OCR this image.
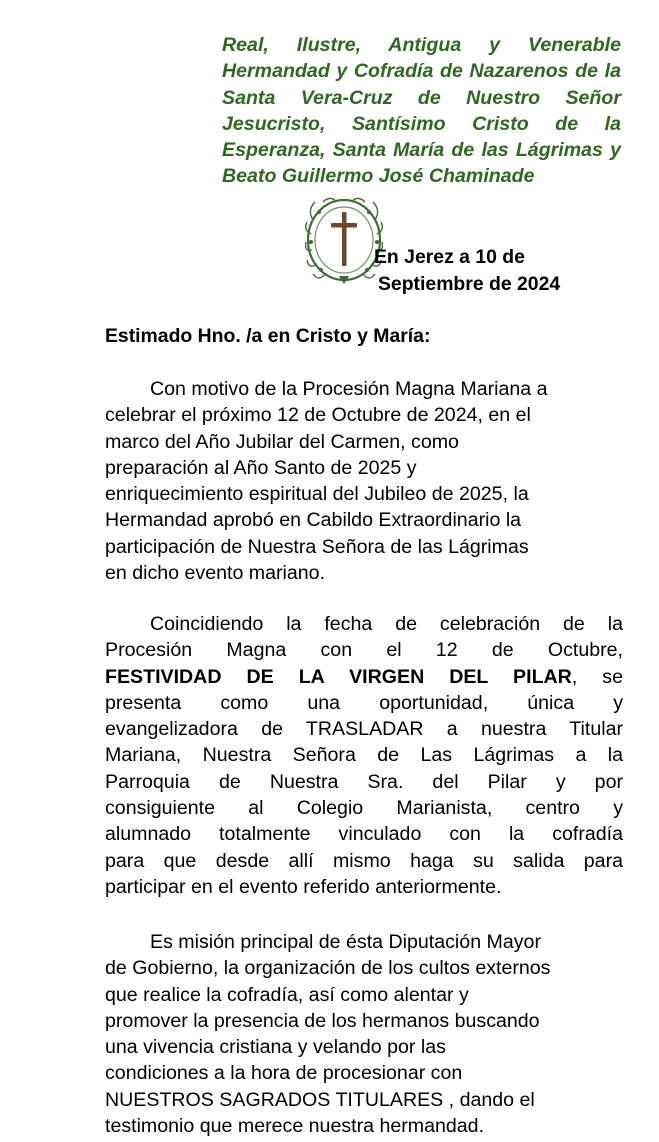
Real, Ilustre, Antigua y Venerable Hermandad y Cofradía de Nazarenos de la Santa Vera-Cruz de Nuestro Señor Jesucristo, Santísimo Cristo de la Esperanza, Santa María de las Lágrimas y Beato Guillermo José Chaminade

En Jerez a 10 de
Septiembre de 2024

Estimado Hno. /a en Cristo y María:

Con motivo de la Procesión Magna Mariana a
celebrar el próximo 12 de Octubre de 2024, en el
marco del Año Jubilar del Carmen, como
preparación al Año Santo de 2025 y
enriquecimiento espiritual del Jubileo de 2025, la
Hermandad aprobó en Cabildo Extraordinario la
participación de Nuestra Señora de las Lágrimas
en dicho evento mariano.
Coincidiendo la fecha de celebración de la
Procesión Magna con el 12 de Octubre,
FESTIVIDAD DE LA VIRGEN DEL PILAR, se
presenta como una oportunidad, única y
evangelizadora de TRASLADAR a nuestra Titular
Mariana, Nuestra Señora de Las Lágrimas a la
Parroquia de Nuestra Sra. del Pilar y por
consiguiente al Colegio Marianista, centro y
alumnado totalmente vinculado con la cofradía
para que desde allí mismo haga su salida para
participar en el evento referido anteriormente.
Es misión principal de ésta Diputación Mayor
de Gobierno, la organización de los cultos externos
que realice la cofradía, así como alentar y
promover la presencia de los hermanos buscando
una vivencia cristiana y velando por las
condiciones a la hora de procesionar con
NUESTROS SAGRADOS TITULARES , dando el
testimonio que merece nuestra hermandad.
